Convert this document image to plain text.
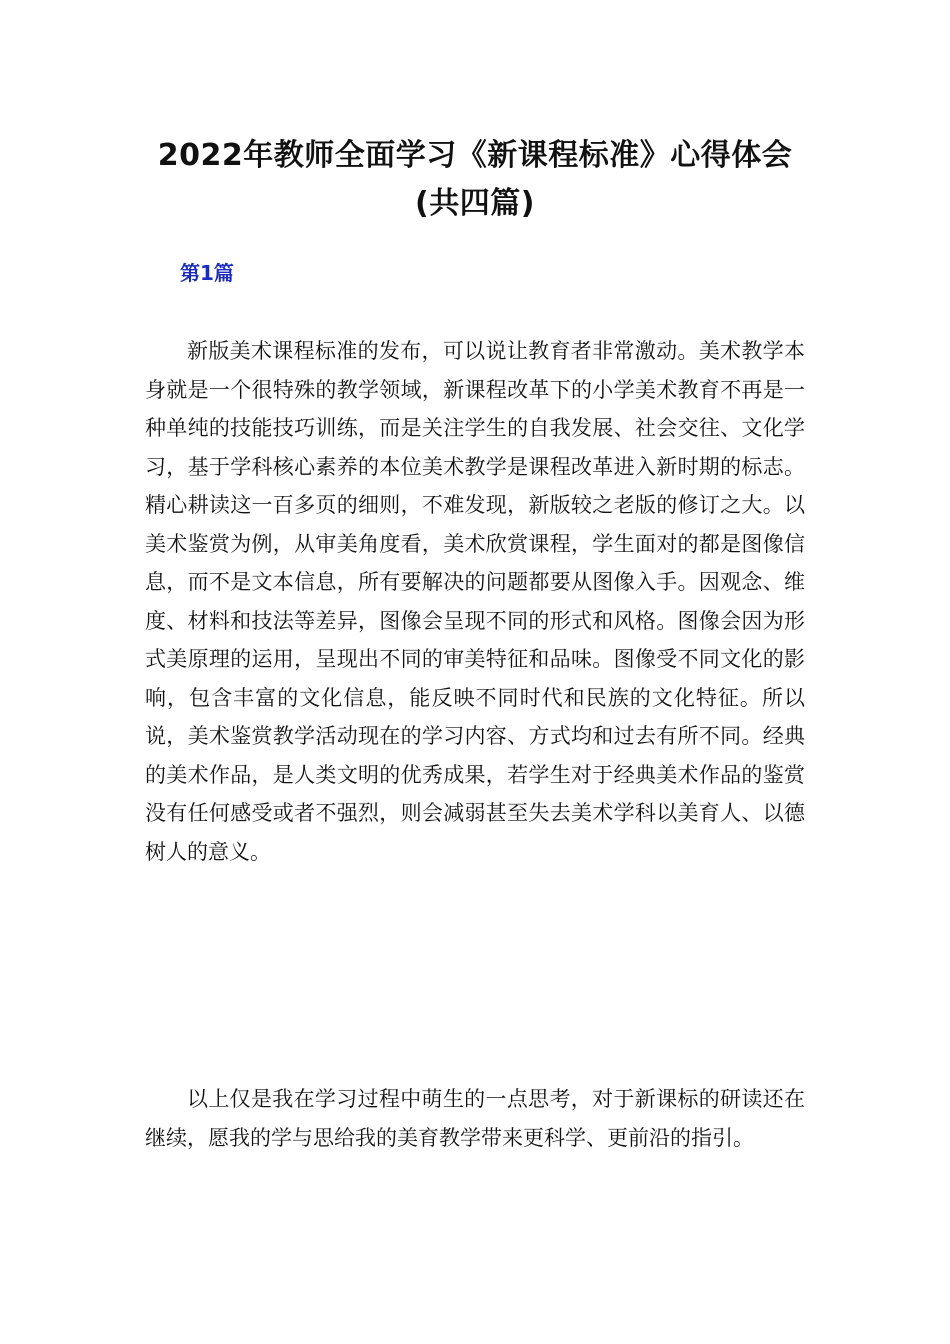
2022年教师全面学习《新课程标准》心得体会(共四篇)
第1篇

新版美术课程标准的发布，可以说让教育者非常激动。美术教学本身就是一个很特殊的教学领域，新课程改革下的小学美术教育不再是一种单纯的技能技巧训练，而是关注学生的自我发展、社会交往、文化学习，基于学科核心素养的本位美术教学是课程改革进入新时期的标志。精心耕读这一百多页的细则，不难发现，新版较之老版的修订之大。以美术鉴赏为例，从审美角度看，美术欣赏课程，学生面对的都是图像信息，而不是文本信息，所有要解决的问题都要从图像入手。因观念、维度、材料和技法等差异，图像会呈现不同的形式和风格。图像会因为形式美原理的运用，呈现出不同的审美特征和品味。图像受不同文化的影响，包含丰富的文化信息，能反映不同时代和民族的文化特征。所以说，美术鉴赏教学活动现在的学习内容、方式均和过去有所不同。经典的美术作品，是人类文明的优秀成果，若学生对于经典美术作品的鉴赏没有任何感受或者不强烈，则会减弱甚至失去美术学科以美育人、以德树人的意义。

以上仅是我在学习过程中萌生的一点思考，对于新课标的研读还在继续，愿我的学与思给我的美育教学带来更科学、更前沿的指引。
